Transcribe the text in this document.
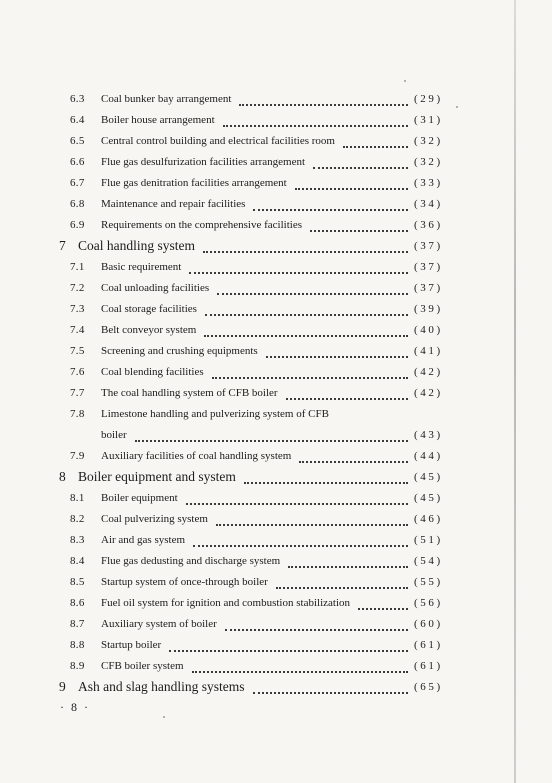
6.3 Coal bunker bay arrangement	(29)
6.4 Boiler house arrangement	(31)
6.5 Central control building and electrical facilities room	(32)
6.6 Flue gas desulfurization facilities arrangement	(32)
6.7 Flue gas denitration facilities arrangement	(33)
6.8 Maintenance and repair facilities	(34)
6.9 Requirements on the comprehensive facilities	(36)
7 Coal handling system	(37)
7.1 Basic requirement	(37)
7.2 Coal unloading facilities	(37)
7.3 Coal storage facilities	(39)
7.4 Belt conveyor system	(40)
7.5 Screening and crushing equipments	(41)
7.6 Coal blending facilities	(42)
7.7 The coal handling system of CFB boiler	(42)
7.8 Limestone handling and pulverizing system of CFB
boiler	(43)
7.9 Auxiliary facilities of coal handling system	(44)
8 Boiler equipment and system	(45)
8.1 Boiler equipment	(45)
8.2 Coal pulverizing system	(46)
8.3 Air and gas system	(51)
8.4 Flue gas dedusting and discharge system	(54)
8.5 Startup system of once-through boiler	(55)
8.6 Fuel oil system for ignition and combustion stabilization	(56)
8.7 Auxiliary system of boiler	(60)
8.8 Startup boiler	(61)
8.9 CFB boiler system	(61)
9 Ash and slag handling systems	(65)
· 8 ·
